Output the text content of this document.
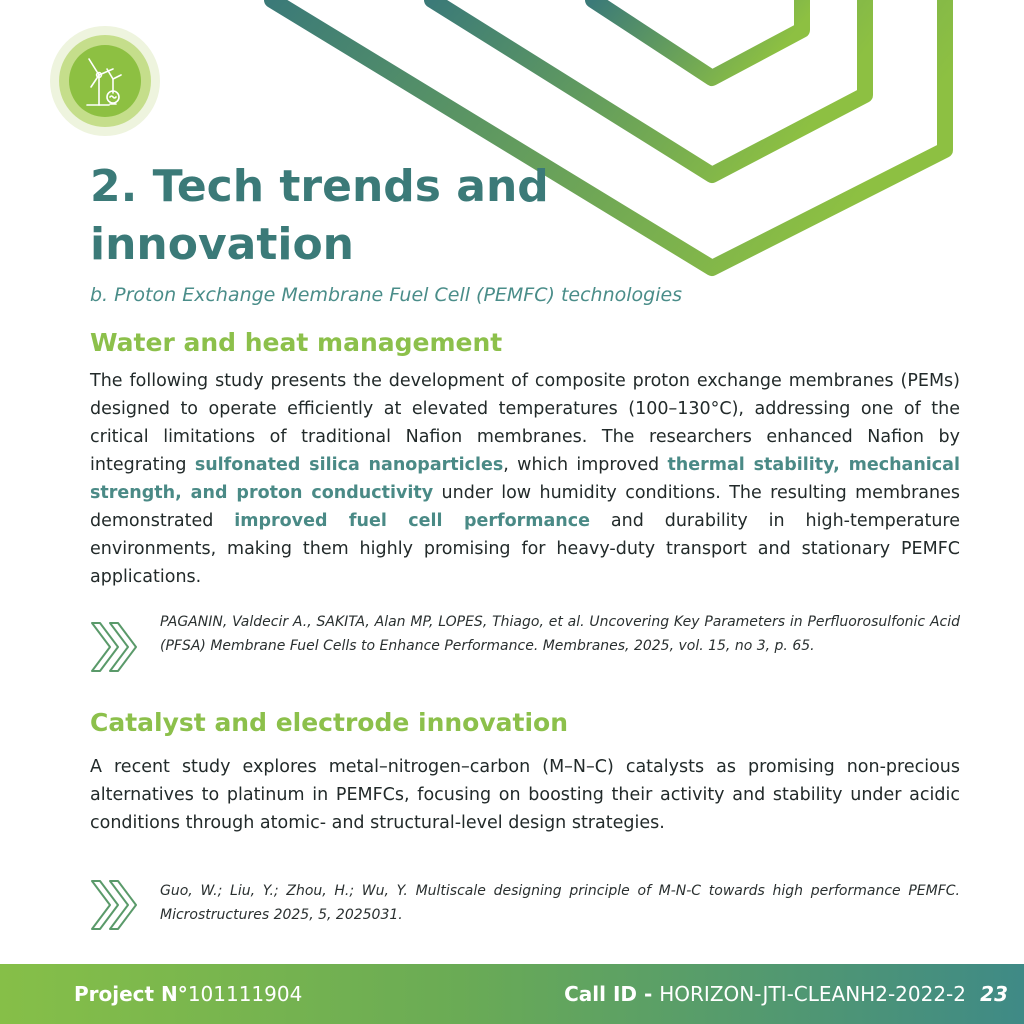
2. Tech trends and
innovation
b. Proton Exchange Membrane Fuel Cell (PEMFC) technologies
Water and heat management

The following study presents the development of composite proton exchange membranes (PEMs) designed to operate efficiently at elevated temperatures (100–130°C), addressing one of the critical limitations of traditional Nafion membranes. The researchers enhanced Nafion by integrating sulfonated silica nanoparticles, which improved thermal stability, mechanical strength, and proton conductivity under low humidity conditions. The resulting membranes demonstrated improved fuel cell performance and durability in high-temperature environments, making them highly promising for heavy-duty transport and stationary PEMFC applications.

PAGANIN, Valdecir A., SAKITA, Alan MP, LOPES, Thiago, et al. Uncovering Key Parameters in Perfluorosulfonic Acid (PFSA) Membrane Fuel Cells to Enhance Performance. Membranes, 2025, vol. 15, no 3, p. 65.
Catalyst and electrode innovation

A recent study explores metal–nitrogen–carbon (M–N–C) catalysts as promising non-precious alternatives to platinum in PEMFCs, focusing on boosting their activity and stability under acidic conditions through atomic- and structural-level design strategies.

Guo, W.; Liu, Y.; Zhou, H.; Wu, Y. Multiscale designing principle of M-N-C towards high performance PEMFC. Microstructures 2025, 5, 2025031.
Project N°101111904	Call ID - HORIZON-JTI-CLEANH2-2022-2 23
